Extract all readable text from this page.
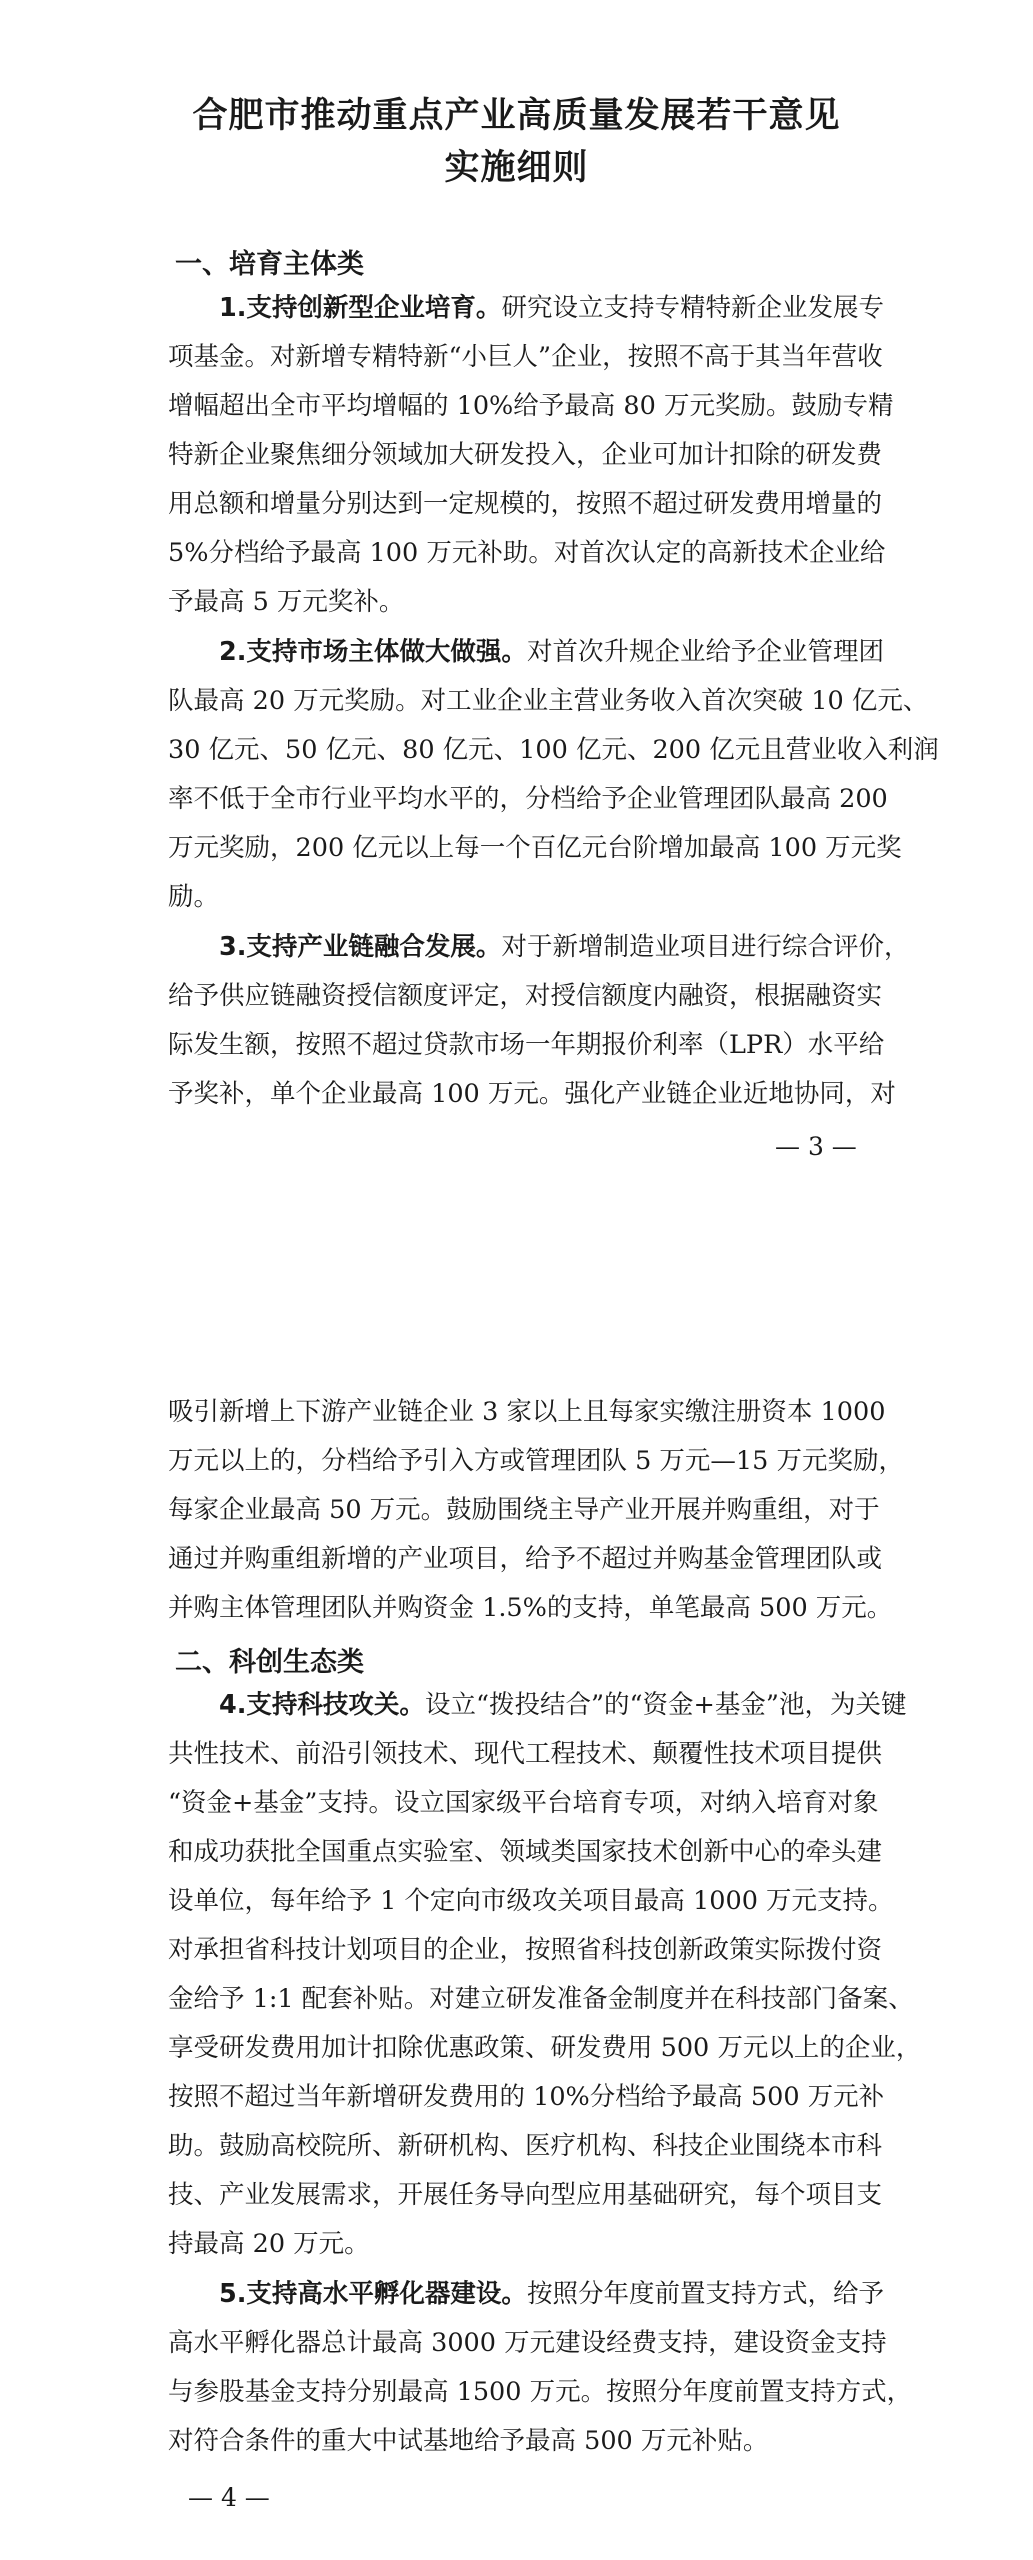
合肥市推动重点产业高质量发展若干意见
实施细则
一、培育主体类
1.支持创新型企业培育。研究设立支持专精特新企业发展专
项基金。对新增专精特新“小巨人”企业，按照不高于其当年营收
增幅超出全市平均增幅的 10%给予最高 80 万元奖励。鼓励专精
特新企业聚焦细分领域加大研发投入，企业可加计扣除的研发费
用总额和增量分别达到一定规模的，按照不超过研发费用增量的
5%分档给予最高 100 万元补助。对首次认定的高新技术企业给
予最高 5 万元奖补。
2.支持市场主体做大做强。对首次升规企业给予企业管理团
队最高 20 万元奖励。对工业企业主营业务收入首次突破 10 亿元、
30 亿元、50 亿元、80 亿元、100 亿元、200 亿元且营业收入利润
率不低于全市行业平均水平的，分档给予企业管理团队最高 200
万元奖励，200 亿元以上每一个百亿元台阶增加最高 100 万元奖
励。
3.支持产业链融合发展。对于新增制造业项目进行综合评价，
给予供应链融资授信额度评定，对授信额度内融资，根据融资实
际发生额，按照不超过贷款市场一年期报价利率（LPR）水平给
予奖补，单个企业最高 100 万元。强化产业链企业近地协同，对
— 3 —
吸引新增上下游产业链企业 3 家以上且每家实缴注册资本 1000
万元以上的，分档给予引入方或管理团队 5 万元—15 万元奖励，
每家企业最高 50 万元。鼓励围绕主导产业开展并购重组，对于
通过并购重组新增的产业项目，给予不超过并购基金管理团队或
并购主体管理团队并购资金 1.5%的支持，单笔最高 500 万元。
二、科创生态类
4.支持科技攻关。设立“拨投结合”的“资金+基金”池，为关键
共性技术、前沿引领技术、现代工程技术、颠覆性技术项目提供
“资金+基金”支持。设立国家级平台培育专项，对纳入培育对象
和成功获批全国重点实验室、领域类国家技术创新中心的牵头建
设单位，每年给予 1 个定向市级攻关项目最高 1000 万元支持。
对承担省科技计划项目的企业，按照省科技创新政策实际拨付资
金给予 1:1 配套补贴。对建立研发准备金制度并在科技部门备案、
享受研发费用加计扣除优惠政策、研发费用 500 万元以上的企业，
按照不超过当年新增研发费用的 10%分档给予最高 500 万元补
助。鼓励高校院所、新研机构、医疗机构、科技企业围绕本市科
技、产业发展需求，开展任务导向型应用基础研究，每个项目支
持最高 20 万元。
5.支持高水平孵化器建设。按照分年度前置支持方式，给予
高水平孵化器总计最高 3000 万元建设经费支持，建设资金支持
与参股基金支持分别最高 1500 万元。按照分年度前置支持方式，
对符合条件的重大中试基地给予最高 500 万元补贴。
— 4 —
